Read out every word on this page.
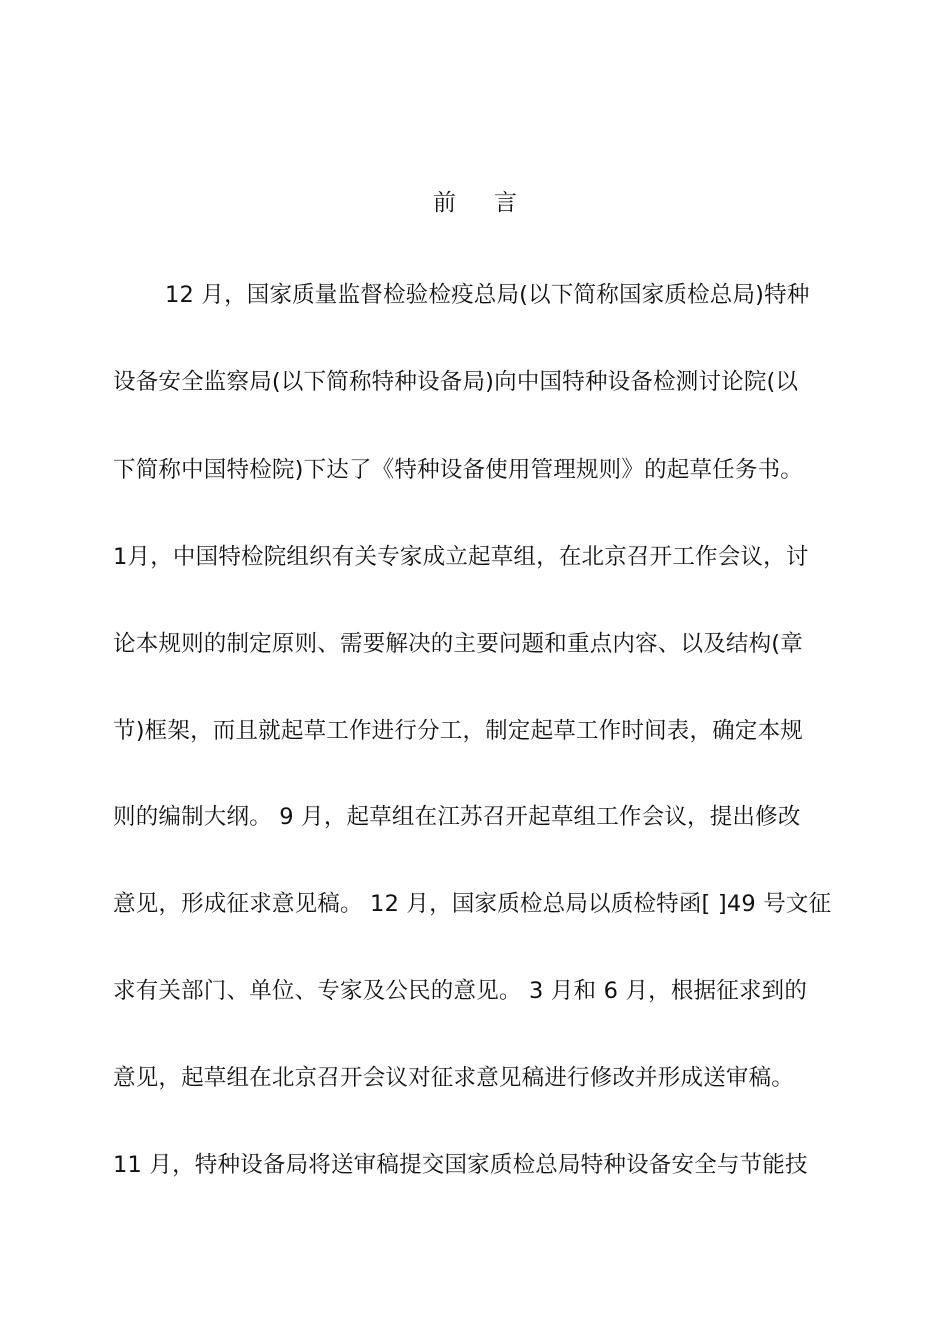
前 言
12 月，国家质量监督检验检疫总局(以下简称国家质检总局)特种
设备安全监察局(以下简称特种设备局)向中国特种设备检测讨论院(以
下简称中国特检院)下达了《特种设备使用管理规则》的起草任务书。
1月，中国特检院组织有关专家成立起草组，在北京召开工作会议，讨
论本规则的制定原则、需要解决的主要问题和重点内容、以及结构(章
节)框架，而且就起草工作进行分工，制定起草工作时间表，确定本规
则的编制大纲。 9 月，起草组在江苏召开起草组工作会议，提出修改
意见，形成征求意见稿。 12 月，国家质检总局以质检特函[ ]49 号文征
求有关部门、单位、专家及公民的意见。 3 月和 6 月，根据征求到的
意见，起草组在北京召开会议对征求意见稿进行修改并形成送审稿。
11 月，特种设备局将送审稿提交国家质检总局特种设备安全与节能技
